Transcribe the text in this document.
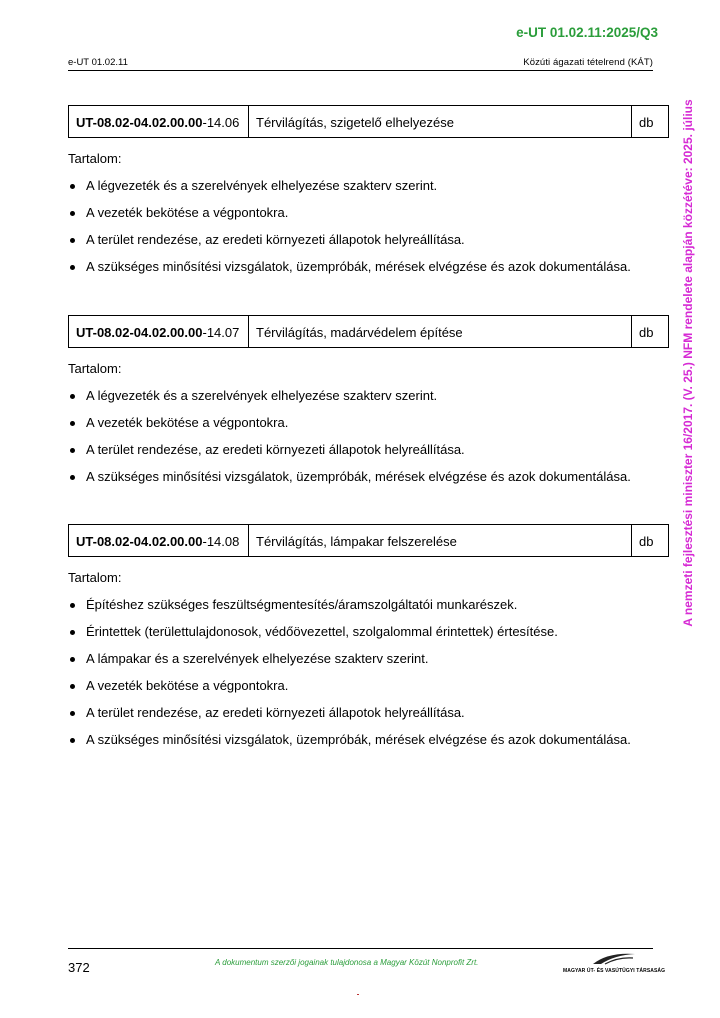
e-UT 01.02.11:2025/Q3
e-UT 01.02.11	Közúti ágazati tételrend (KÁT)
A nemzeti fejlesztési miniszter 16/2017. (V. 25.) NFM rendelete alapján közzétéve: 2025. július
UT-08.02-04.02.00.00 -14.06	Térvilágítás, szigetelő elhelyezése	db
Tartalom:
A légvezeték és a szerelvények elhelyezése szakterv szerint.
A vezeték bekötése a végpontokra.
A terület rendezése, az eredeti környezeti állapotok helyreállítása.
A szükséges minősítési vizsgálatok, üzempróbák, mérések elvégzése és azok dokumentálása.
UT-08.02-04.02.00.00 -14.07	Térvilágítás, madárvédelem építése	db
Tartalom:
A légvezeték és a szerelvények elhelyezése szakterv szerint.
A vezeték bekötése a végpontokra.
A terület rendezése, az eredeti környezeti állapotok helyreállítása.
A szükséges minősítési vizsgálatok, üzempróbák, mérések elvégzése és azok dokumentálása.
UT-08.02-04.02.00.00 -14.08	Térvilágítás, lámpakar felszerelése	db
Tartalom:
Építéshez szükséges feszültségmentesítés/áramszolgáltatói munkarészek.
Érintettek (területtulajdonosok, védőövezettel, szolgalommal érintettek) értesítése.
A lámpakar és a szerelvények elhelyezése szakterv szerint.
A vezeték bekötése a végpontokra.
A terület rendezése, az eredeti környezeti állapotok helyreállítása.
A szükséges minősítési vizsgálatok, üzempróbák, mérések elvégzése és azok dokumentálása.
372	A dokumentum szerzői jogainak tulajdonosa a Magyar Közút Nonprofit Zrt.
MAGYAR ÚT- ÉS VASÚTÜGYI TÁRSASÁG
